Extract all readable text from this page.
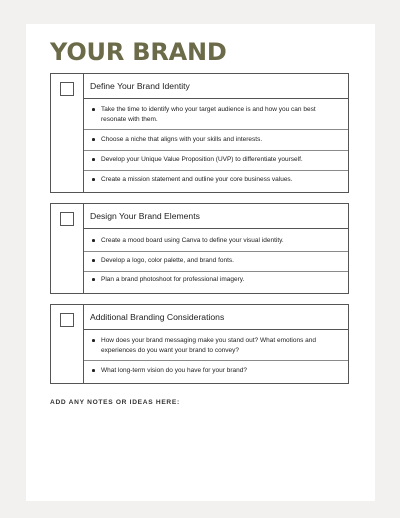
YOUR BRAND
Define Your Brand Identity
Take the time to identify who your target audience is and how you can best resonate with them.
Choose a niche that aligns with your skills and interests.
Develop your Unique Value Proposition (UVP) to differentiate yourself.
Create a mission statement and outline your core business values.
Design Your Brand Elements
Create a mood board using Canva to define your visual identity.
Develop a logo, color palette, and brand fonts.
Plan a brand photoshoot for professional imagery.
Additional Branding Considerations
How does your brand messaging make you stand out? What emotions and experiences do you want your brand to convey?
What long-term vision do you have for your brand?

ADD ANY NOTES OR IDEAS HERE:
